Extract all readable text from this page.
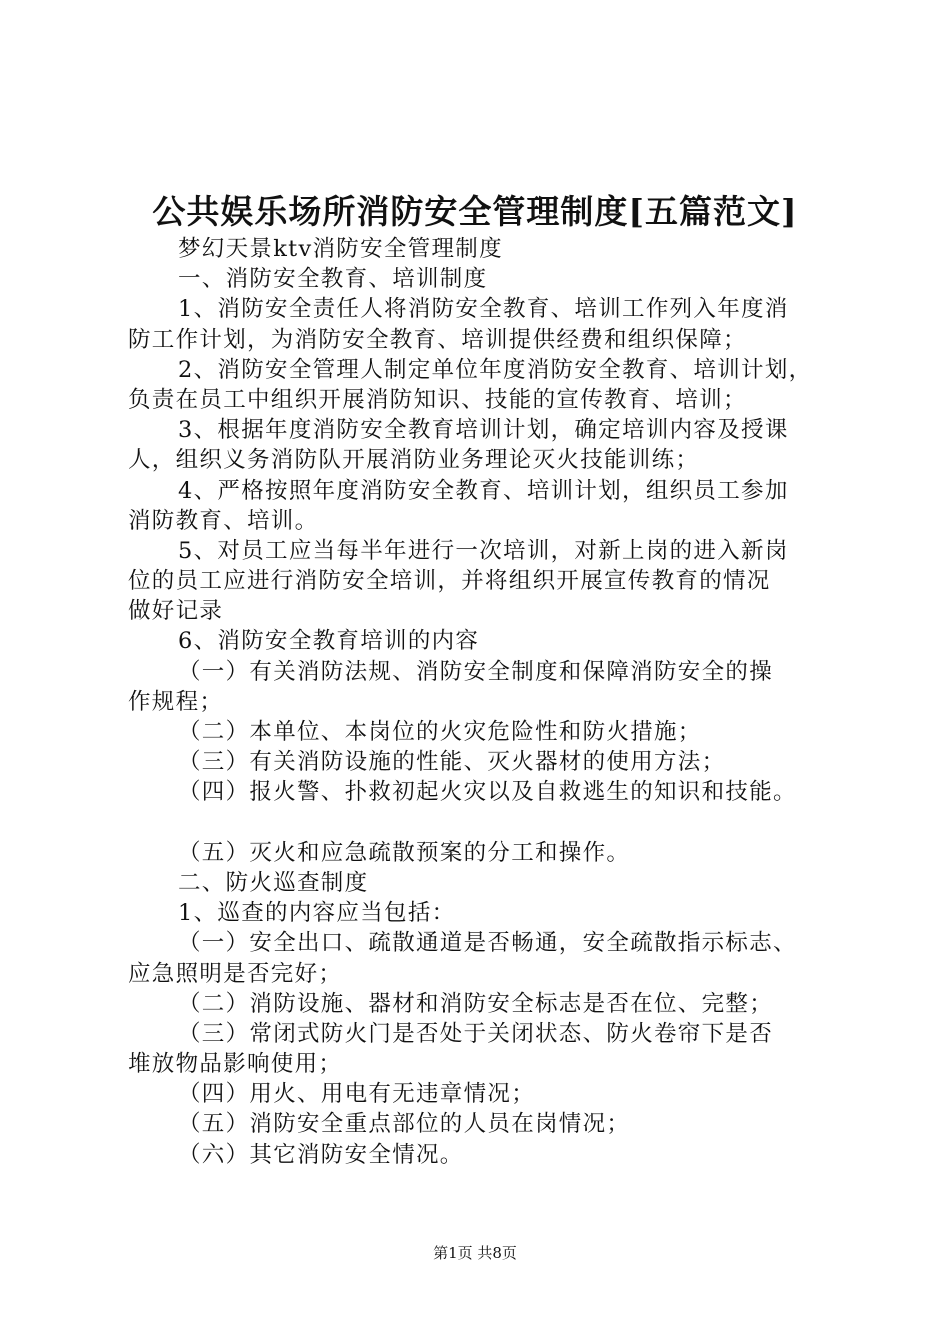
公共娱乐场所消防安全管理制度[五篇范文]
梦幻天景ktv消防安全管理制度
一、消防安全教育、培训制度
1、消防安全责任人将消防安全教育、培训工作列入年度消
防工作计划，为消防安全教育、培训提供经费和组织保障；
2、消防安全管理人制定单位年度消防安全教育、培训计划，
负责在员工中组织开展消防知识、技能的宣传教育、培训；
3、根据年度消防安全教育培训计划，确定培训内容及授课
人，组织义务消防队开展消防业务理论灭火技能训练；
4、严格按照年度消防安全教育、培训计划，组织员工参加
消防教育、培训。
5、对员工应当每半年进行一次培训，对新上岗的进入新岗
位的员工应进行消防安全培训，并将组织开展宣传教育的情况
做好记录
6、消防安全教育培训的内容
（一）有关消防法规、消防安全制度和保障消防安全的操
作规程；
（二）本单位、本岗位的火灾危险性和防火措施；
（三）有关消防设施的性能、灭火器材的使用方法；
（四）报火警、扑救初起火灾以及自救逃生的知识和技能。
（五）灭火和应急疏散预案的分工和操作。
二、防火巡查制度
1、巡查的内容应当包括：
（一）安全出口、疏散通道是否畅通，安全疏散指示标志、
应急照明是否完好；
（二）消防设施、器材和消防安全标志是否在位、完整；
（三）常闭式防火门是否处于关闭状态、防火卷帘下是否
堆放物品影响使用；
（四）用火、用电有无违章情况；
（五）消防安全重点部位的人员在岗情况；
（六）其它消防安全情况。
第1页 共8页
